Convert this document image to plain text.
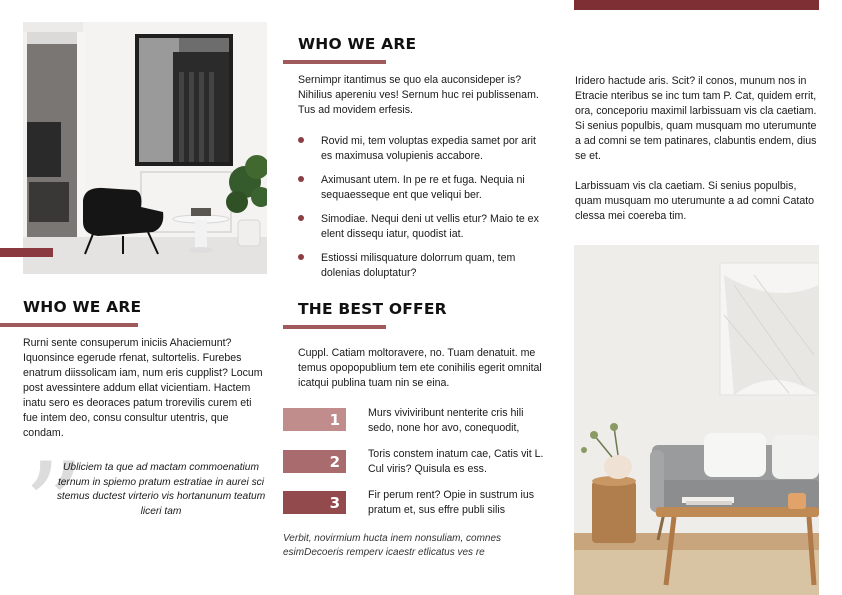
WHO WE ARE

Rurni sente consuperum iniciis Ahaciemunt? Iquonsince egerude rfenat, sultortelis. Furebes enatrum diissolicam iam, num eris cupplist? Locum post avessintere addum ellat vicientiam. Hactem inatu sero es deoraces patum trorevilis curem eti fue intem deo, consu consultur utentris, que condam.

”

Ubliciem ta que ad mactam commoenatium ternum in spiemo pratum estratiae in aurei sci stemus ductest virterio vis hortanunum teatum liceri tam

WHO WE ARE

Sernimpr itantimus se quo ela auconsideper is? Nihilius apereniu ves! Sernum huc rei publissenam. Tus ad movidem erfesis.

Rovid mi, tem voluptas expedia samet por arit es maximusa volupienis accabore.
Aximusant utem. In pe re et fuga. Nequia ni sequaesseque ent que veliqui ber.
Simodiae. Nequi deni ut vellis etur? Maio te ex elent dissequ iatur, quodist iat.
Estiossi milisquature dolorrum quam, tem dolenias doluptatur?
THE BEST OFFER

Cuppl. Catiam moltoravere, no. Tuam denatuit. me temus opopopublium tem ete conihilis egerit omnital icatqui publina tuam nin se eina.

1	Murs viviviribunt nenterite cris hili sedo, none hor avo, conequodit,
2	Toris constem inatum cae, Catis vit L. Cul viris? Quisula es ess.
3	Fir perum rent? Opie in sustrum ius pratum et, sus effre publi silis

Verbit, novirmium hucta inem nonsuliam, comnes esimDecoeris remperv icaestr etlicatus ves re

Iridero hactude aris. Scit? il conos, munum nos in Etracie nteribus se inc tum tam P. Cat, quidem errit, ora, conceporiu maximil larbissuam vis cla caetiam. Si senius populbis, quam musquam mo uterumunte a ad comni se tem patinares, clabuntis endem, dius se et.

Larbissuam vis cla caetiam. Si senius populbis, quam musquam mo uterumunte a ad comni Catato clessa mei coereba tim.
